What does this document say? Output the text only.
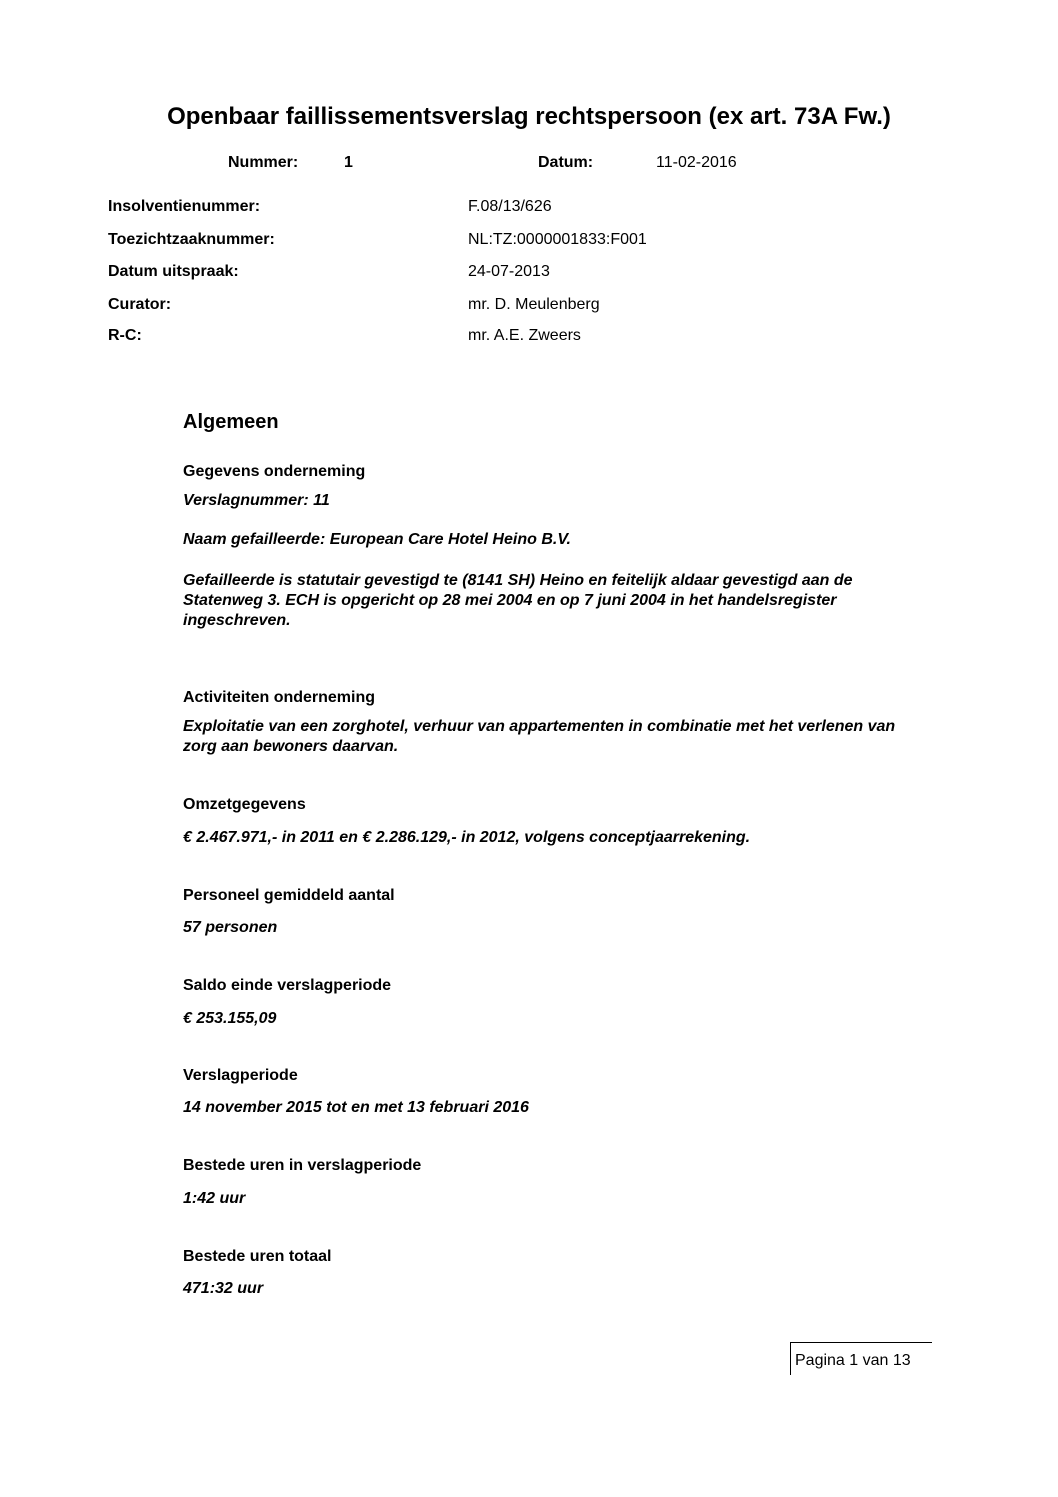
Openbaar faillissementsverslag rechtspersoon (ex art. 73A Fw.)
Nummer:	1	Datum:	11-02-2016
Insolventienummer:	F.08/13/626
Toezichtzaaknummer:	NL:TZ:0000001833:F001
Datum uitspraak:	24-07-2013
Curator:	mr. D. Meulenberg
R-C:	mr. A.E. Zweers
Algemeen
Gegevens onderneming
Verslagnummer: 11
Naam gefailleerde: European Care Hotel Heino B.V.
Gefailleerde is statutair gevestigd te (8141 SH) Heino en feitelijk aldaar gevestigd aan de Statenweg 3. ECH is opgericht op 28 mei 2004 en op 7 juni 2004 in het handelsregister ingeschreven.
Activiteiten onderneming
Exploitatie van een zorghotel, verhuur van appartementen in combinatie met het verlenen van zorg aan bewoners daarvan.
Omzetgegevens
€ 2.467.971,- in 2011 en € 2.286.129,- in 2012, volgens conceptjaarrekening.
Personeel gemiddeld aantal
57 personen
Saldo einde verslagperiode
€ 253.155,09
Verslagperiode
14 november 2015 tot en met 13 februari 2016
Bestede uren in verslagperiode
1:42 uur
Bestede uren totaal
471:32 uur
Pagina 1 van 13
